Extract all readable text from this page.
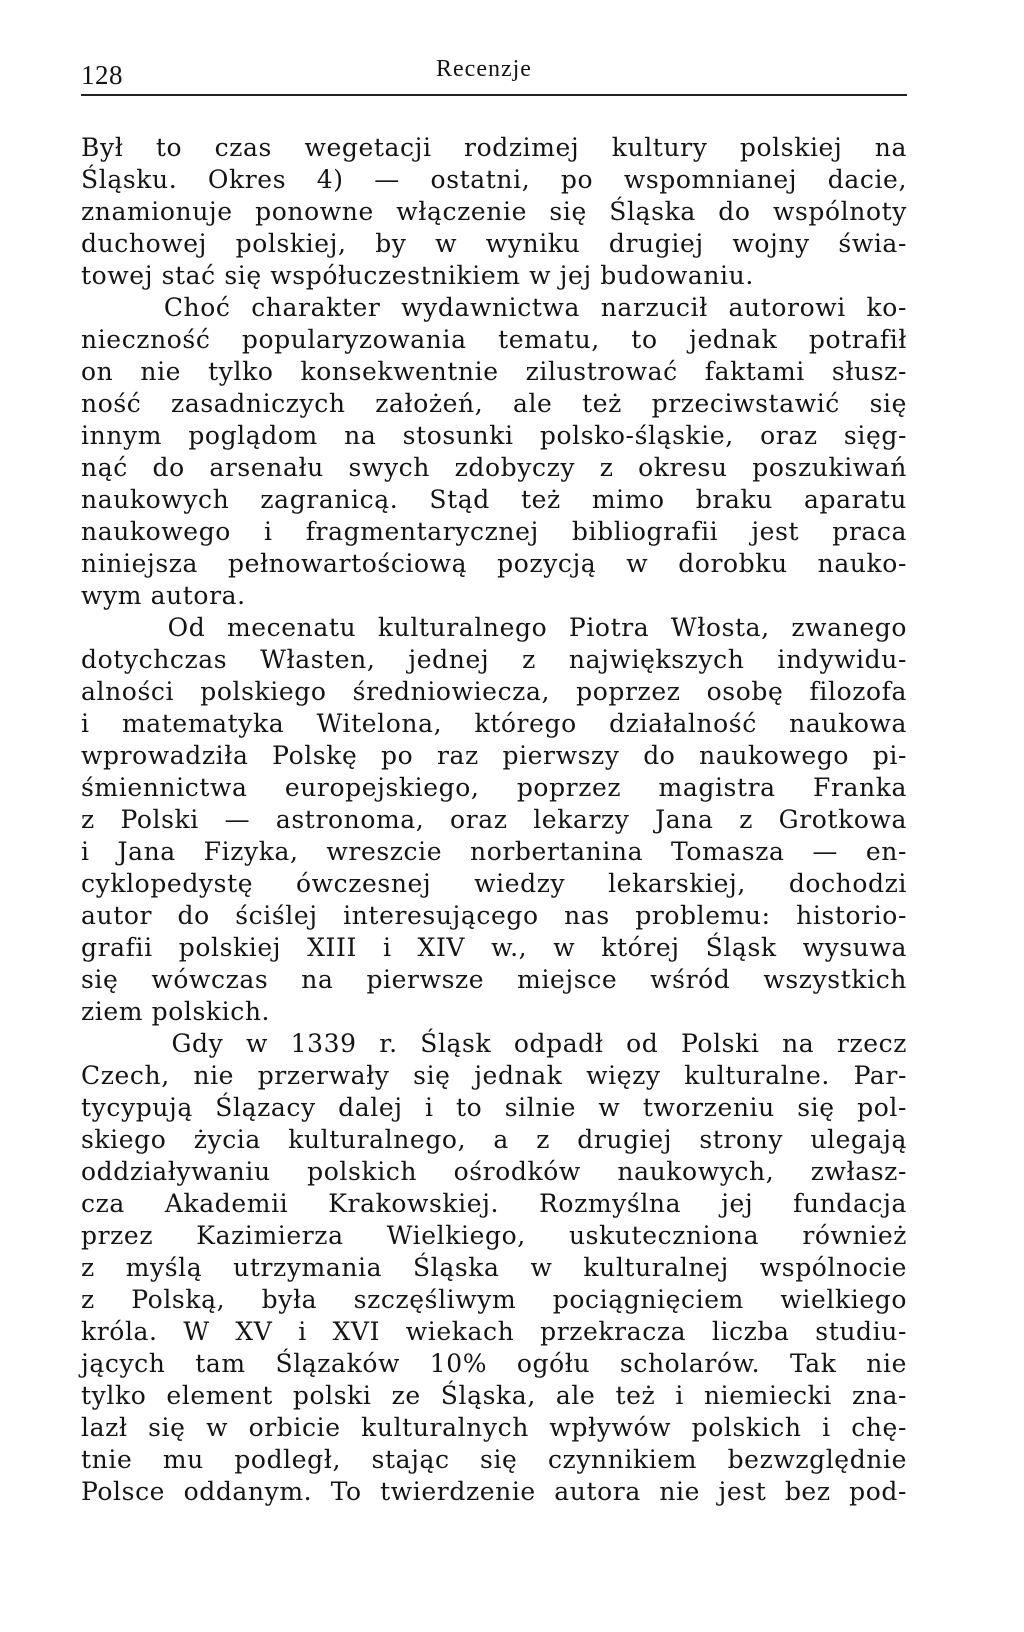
128	Recenzje
Był to czas wegetacji rodzimej kultury polskiej na
Śląsku. Okres 4) — ostatni, po wspomnianej dacie,
znamionuje ponowne włączenie się Śląska do wspólnoty
duchowej polskiej, by w wyniku drugiej wojny świa-
towej stać się współuczestnikiem w jej budowaniu.
Choć charakter wydawnictwa narzucił autorowi ko-
nieczność popularyzowania tematu, to jednak potrafił
on nie tylko konsekwentnie zilustrować faktami słusz-
ność zasadniczych założeń, ale też przeciwstawić się
innym poglądom na stosunki polsko-śląskie, oraz sięg-
nąć do arsenału swych zdobyczy z okresu poszukiwań
naukowych zagranicą. Stąd też mimo braku aparatu
naukowego i fragmentarycznej bibliografii jest praca
niniejsza pełnowartościową pozycją w dorobku nauko-
wym autora.
Od mecenatu kulturalnego Piotra Włosta, zwanego
dotychczas Własten, jednej z największych indywidu-
alności polskiego średniowiecza, poprzez osobę filozofa
i matematyka Witelona, którego działalność naukowa
wprowadziła Polskę po raz pierwszy do naukowego pi-
śmiennictwa europejskiego, poprzez magistra Franka
z Polski — astronoma, oraz lekarzy Jana z Grotkowa
i Jana Fizyka, wreszcie norbertanina Tomasza — en-
cyklopedystę ówczesnej wiedzy lekarskiej, dochodzi
autor do ściślej interesującego nas problemu: historio-
grafii polskiej XIII i XIV w., w której Śląsk wysuwa
się wówczas na pierwsze miejsce wśród wszystkich
ziem polskich.
Gdy w 1339 r. Śląsk odpadł od Polski na rzecz
Czech, nie przerwały się jednak więzy kulturalne. Par-
tycypują Ślązacy dalej i to silnie w tworzeniu się pol-
skiego życia kulturalnego, a z drugiej strony ulegają
oddziaływaniu polskich ośrodków naukowych, zwłasz-
cza Akademii Krakowskiej. Rozmyślna jej fundacja
przez Kazimierza Wielkiego, uskuteczniona również
z myślą utrzymania Śląska w kulturalnej wspólnocie
z Polską, była szczęśliwym pociągnięciem wielkiego
króla. W XV i XVI wiekach przekracza liczba studiu-
jących tam Ślązaków 10% ogółu scholarów. Tak nie
tylko element polski ze Śląska, ale też i niemiecki zna-
lazł się w orbicie kulturalnych wpływów polskich i chę-
tnie mu podległ, stając się czynnikiem bezwzględnie
Polsce oddanym. To twierdzenie autora nie jest bez pod-
